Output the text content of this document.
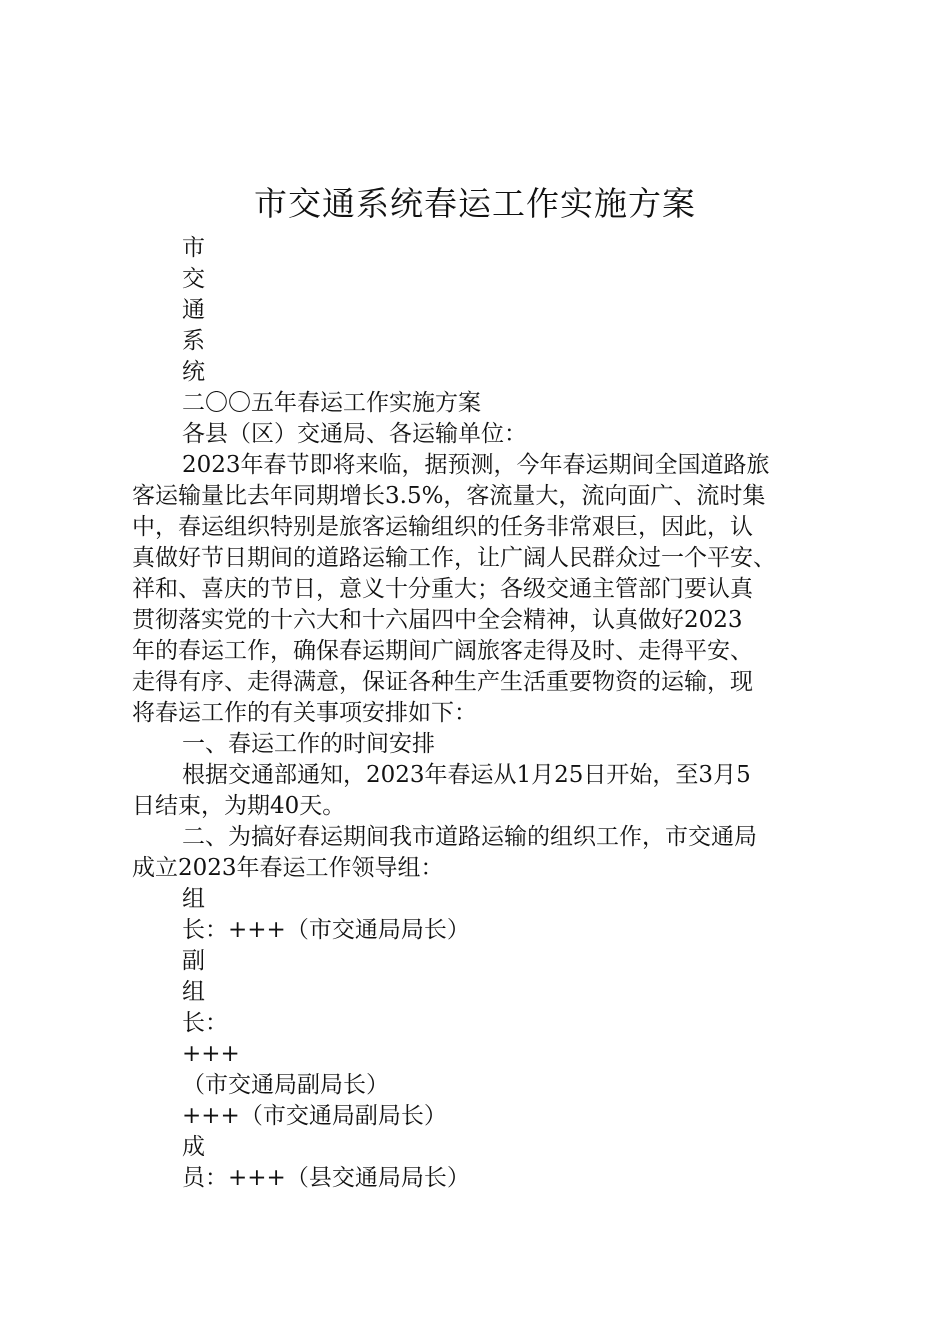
市交通系统春运工作实施方案
市
交
通
系
统
二〇〇五年春运工作实施方案
各县（区）交通局、各运输单位：
2023年春节即将来临，据预测，今年春运期间全国道路旅
客运输量比去年同期增长3.5%，客流量大，流向面广、流时集
中，春运组织特别是旅客运输组织的任务非常艰巨，因此，认
真做好节日期间的道路运输工作，让广阔人民群众过一个平安、
祥和、喜庆的节日，意义十分重大；各级交通主管部门要认真
贯彻落实党的十六大和十六届四中全会精神，认真做好2023
年的春运工作，确保春运期间广阔旅客走得及时、走得平安、
走得有序、走得满意，保证各种生产生活重要物资的运输，现
将春运工作的有关事项安排如下：
一、春运工作的时间安排
根据交通部通知，2023年春运从1月25日开始，至3月5
日结束，为期40天。
二、为搞好春运期间我市道路运输的组织工作，市交通局
成立2023年春运工作领导组：
组
长：+++（市交通局局长）
副
组
长：
+++
（市交通局副局长）
+++（市交通局副局长）
成
员：+++（县交通局局长）
